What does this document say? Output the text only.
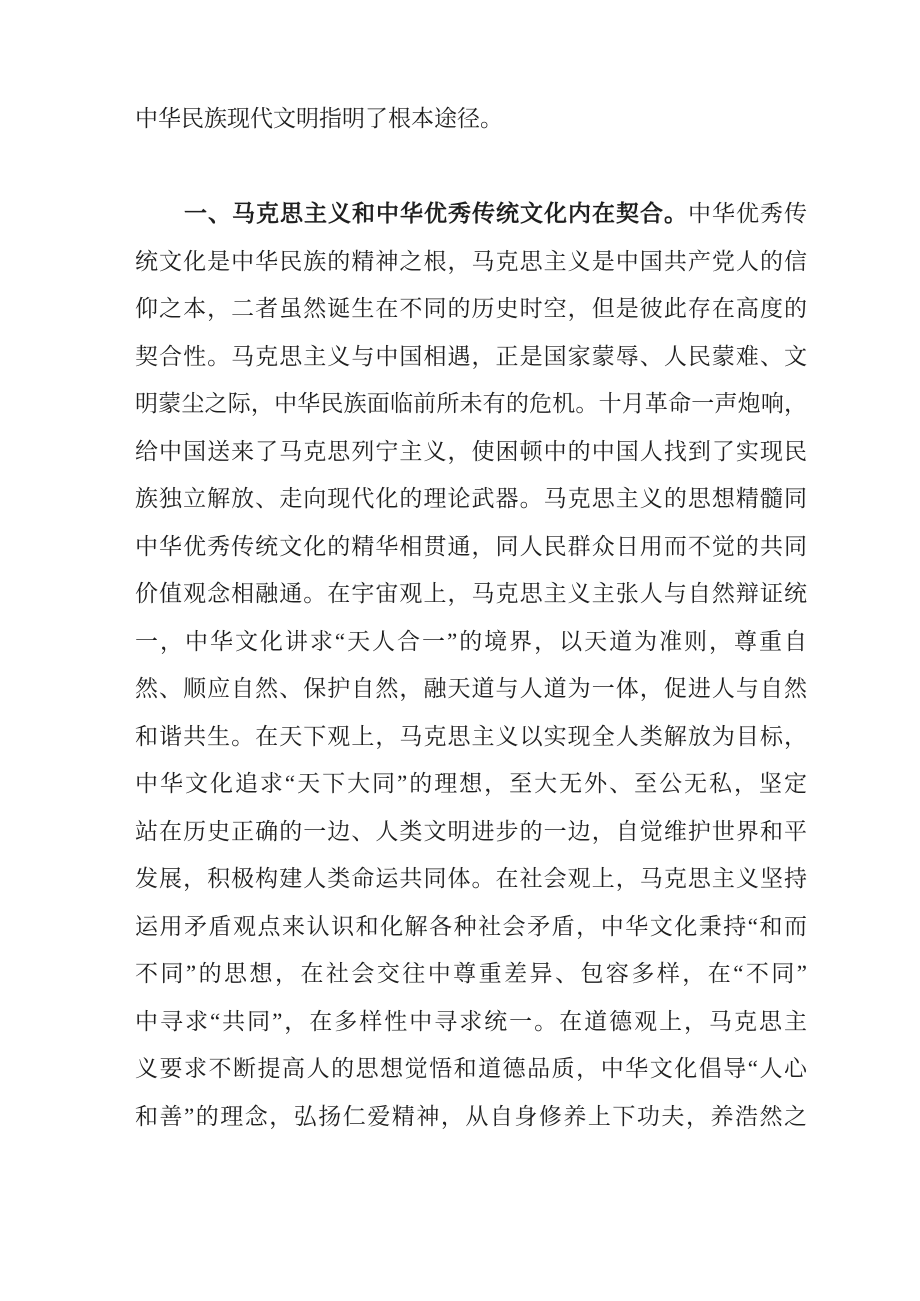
中华民族现代文明指明了根本途径。
一、马克思主义和中华优秀传统文化内在契合。中华优秀传
统文化是中华民族的精神之根，马克思主义是中国共产党人的信
仰之本，二者虽然诞生在不同的历史时空，但是彼此存在高度的
契合性。马克思主义与中国相遇，正是国家蒙辱、人民蒙难、文
明蒙尘之际，中华民族面临前所未有的危机。十月革命一声炮响，
给中国送来了马克思列宁主义，使困顿中的中国人找到了实现民
族独立解放、走向现代化的理论武器。马克思主义的思想精髓同
中华优秀传统文化的精华相贯通，同人民群众日用而不觉的共同
价值观念相融通。在宇宙观上，马克思主义主张人与自然辩证统
一，中华文化讲求“天人合一”的境界，以天道为准则，尊重自
然、顺应自然、保护自然，融天道与人道为一体，促进人与自然
和谐共生。在天下观上，马克思主义以实现全人类解放为目标，
中华文化追求“天下大同”的理想，至大无外、至公无私，坚定
站在历史正确的一边、人类文明进步的一边，自觉维护世界和平
发展，积极构建人类命运共同体。在社会观上，马克思主义坚持
运用矛盾观点来认识和化解各种社会矛盾，中华文化秉持“和而
不同”的思想，在社会交往中尊重差异、包容多样，在“不同”
中寻求“共同”，在多样性中寻求统一。在道德观上，马克思主
义要求不断提高人的思想觉悟和道德品质，中华文化倡导“人心
和善”的理念，弘扬仁爱精神，从自身修养上下功夫，养浩然之
